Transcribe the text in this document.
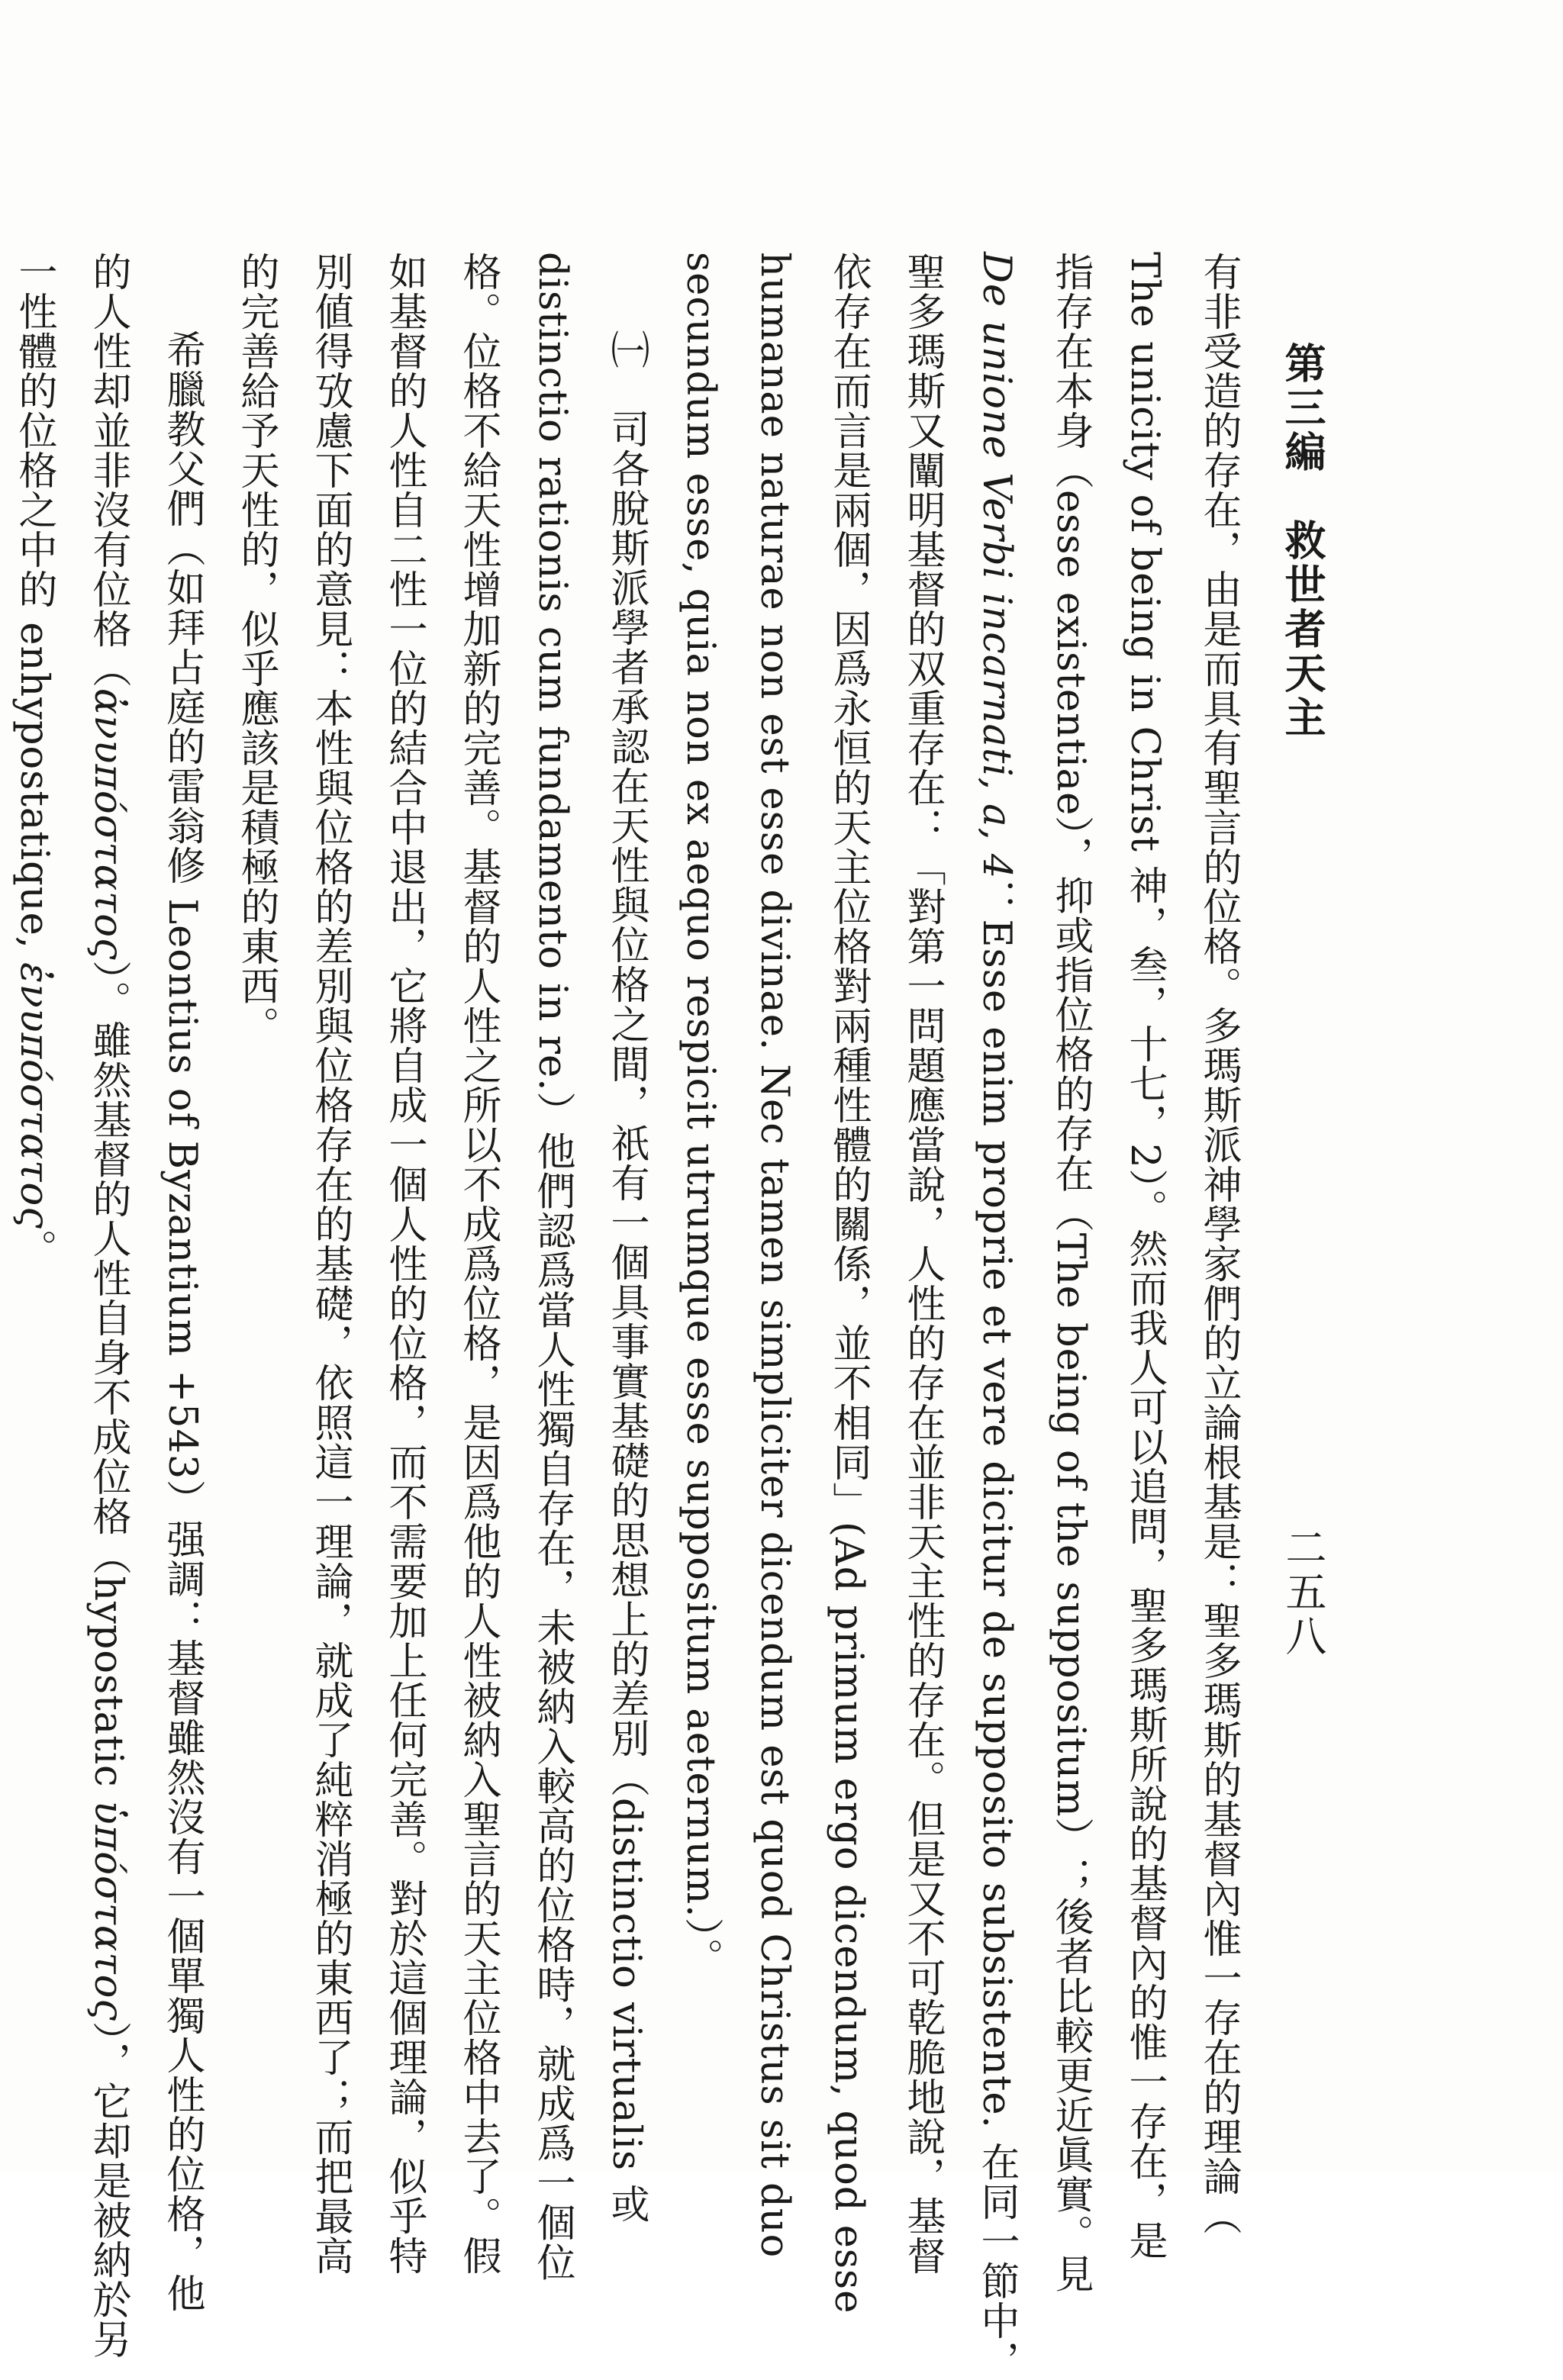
第三編　救世者天主
二五八
有非受造的存在，由是而具有聖言的位格。多瑪斯派神學家們的立論根基是：聖多瑪斯的基督內惟一存在的理論（
The unicity of being in Christ 神，叁，十七，2）。然而我人可以追問，聖多瑪斯所說的基督內的惟一存在，是
指存在本身（esse existentiae），抑或指位格的存在（The being of the suppositum）；後者比較更近眞實。見
De unione Verbi incarnati, a, 4：Esse enim proprie et vere dicitur de supposito subsistente. 在同一節中，
聖多瑪斯又闡明基督的双重存在：「對第一問題應當說，人性的存在並非天主性的存在。但是又不可乾脆地說，基督
依存在而言是兩個，因爲永恒的天主位格對兩種性體的關係，並不相同」(Ad primum ergo dicendum, quod esse
humanae naturae non est esse divinae. Nec tamen simpliciter dicendum est quod Christus sit duo
secundum esse, quia non ex aequo respicit utrumque esse suppositum aeternum.）。
㈠　司各脫斯派學者承認在天性與位格之間，祇有一個具事實基礎的思想上的差別（distinctio virtualis 或
distinctio rationis cum fundamento in re.）他們認爲當人性獨自存在，未被納入較高的位格時，就成爲一個位
格。位格不給天性增加新的完善。基督的人性之所以不成爲位格，是因爲他的人性被納入聖言的天主位格中去了。假
如基督的人性自二性一位的結合中退出，它將自成一個人性的位格，而不需要加上任何完善。對於這個理論，似乎特
別値得攷慮下面的意見：本性與位格的差別與位格存在的基礎，依照這一理論，就成了純粹消極的東西了；而把最高
的完善給予天性的，似乎應該是積極的東西。
希臘教父們（如拜占庭的雷翁修 Leontius of Byzantium +543）强調：基督雖然沒有一個單獨人性的位格，他
的人性却並非沒有位格（ἀνυπόστατος）。雖然基督的人性自身不成位格（hypostatic ὑπόστατος），它却是被納於另
一性體的位格之中的 enhypostatique, ἐνυπόστατος。
